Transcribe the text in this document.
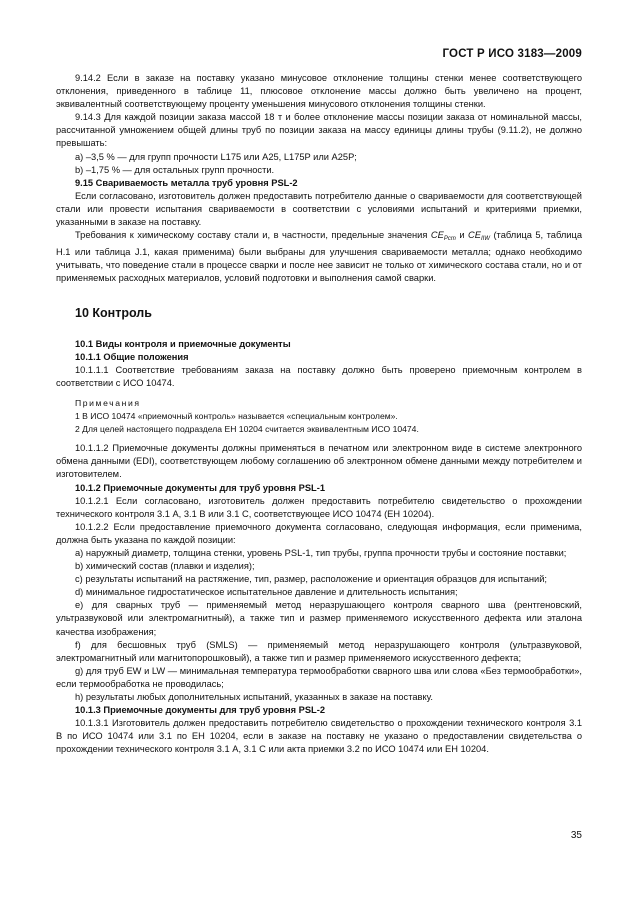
ГОСТ Р ИСО 3183—2009

9.14.2 Если в заказе на поставку указано минусовое отклонение толщины стенки менее соответствующего отклонения, приведенного в таблице 11, плюсовое отклонение массы должно быть увеличено на процент, эквивалентный соответствующему проценту уменьшения минусового отклонения толщины стенки.

9.14.3 Для каждой позиции заказа массой 18 т и более отклонение массы позиции заказа от номинальной массы, рассчитанной умножением общей длины труб по позиции заказа на массу единицы длины трубы (9.11.2), не должно превышать:

а) –3,5 % — для групп прочности L175 или A25, L175P или A25P;

b) –1,75 % — для остальных групп прочности.

9.15 Свариваемость металла труб уровня PSL-2

Если согласовано, изготовитель должен предоставить потребителю данные о свариваемости для соответствующей стали или провести испытания свариваемости в соответствии с условиями испытаний и критериями приемки, указанными в заказе на поставку.

Требования к химическому составу стали и, в частности, предельные значения $CE_{Pcm}$ и $CE_{IIW}$ (таблица 5, таблица H.1 или таблица J.1, какая применима) были выбраны для улучшения свариваемости металла; однако необходимо учитывать, что поведение стали в процессе сварки и после нее зависит не только от химического состава стали, но и от применяемых расходных материалов, условий подготовки и выполнения самой сварки.

10 Контроль

10.1 Виды контроля и приемочные документы

10.1.1 Общие положения

10.1.1.1 Соответствие требованиям заказа на поставку должно быть проверено приемочным контролем в соответствии с ИСО 10474.

Примечания

1 В ИСО 10474 «приемочный контроль» называется «специальным контролем».

2 Для целей настоящего подраздела ЕН 10204 считается эквивалентным ИСО 10474.

10.1.1.2 Приемочные документы должны применяться в печатном или электронном виде в системе электронного обмена данными (EDI), соответствующем любому соглашению об электронном обмене данными между потребителем и изготовителем.

10.1.2 Приемочные документы для труб уровня PSL-1

10.1.2.1 Если согласовано, изготовитель должен предоставить потребителю свидетельство о прохождении технического контроля 3.1 A, 3.1 B или 3.1 C, соответствующее ИСО 10474 (ЕН 10204).

10.1.2.2 Если предоставление приемочного документа согласовано, следующая информация, если применима, должна быть указана по каждой позиции:

а) наружный диаметр, толщина стенки, уровень PSL-1, тип трубы, группа прочности трубы и состояние поставки;

b) химический состав (плавки и изделия);

c) результаты испытаний на растяжение, тип, размер, расположение и ориентация образцов для испытаний;

d) минимальное гидростатическое испытательное давление и длительность испытания;

e) для сварных труб — применяемый метод неразрушающего контроля сварного шва (рентгеновский, ультразвуковой или электромагнитный), а также тип и размер применяемого искусственного дефекта или эталона качества изображения;

f) для бесшовных труб (SMLS) — применяемый метод неразрушающего контроля (ультразвуковой, электромагнитный или магнитопорошковый), а также тип и размер применяемого искусственного дефекта;

g) для труб EW и LW — минимальная температура термообработки сварного шва или слова «Без термообработки», если термообработка не проводилась;

h) результаты любых дополнительных испытаний, указанных в заказе на поставку.

10.1.3 Приемочные документы для труб уровня PSL-2

10.1.3.1 Изготовитель должен предоставить потребителю свидетельство о прохождении технического контроля 3.1 B по ИСО 10474 или 3.1 по ЕН 10204, если в заказе на поставку не указано о предоставлении свидетельства о прохождении технического контроля 3.1 A, 3.1 C или акта приемки 3.2 по ИСО 10474 или ЕН 10204.

35
